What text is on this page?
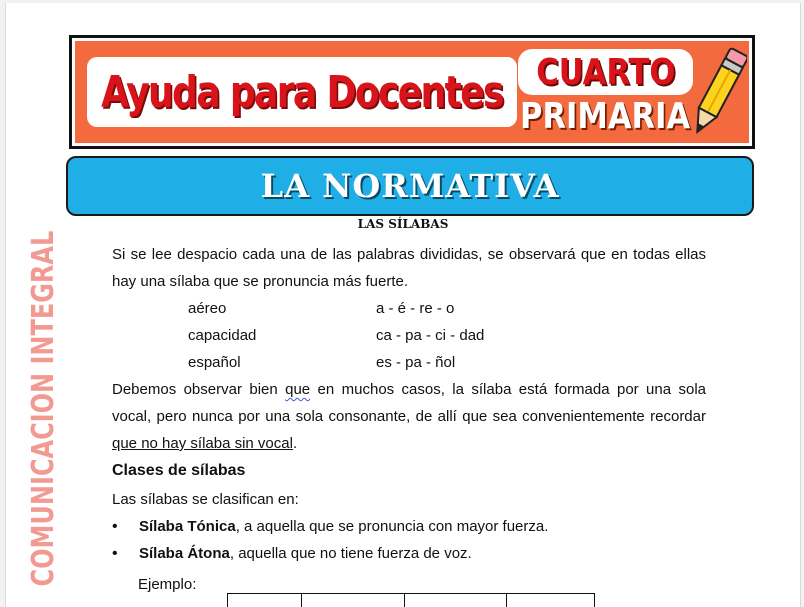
Ayuda para Docentes CUARTO
PRIMARIA
LA NORMATIVA
LAS SÍLABAS
COMUNICACION INTEGRAL	Si se lee despacio cada una de las palabras divididas, se observará que en todas ellas hay una sílaba que se pronuncia más fuerte.

aéreo	a - é - re - o
capacidad	ca - pa - ci - dad
español	es - pa - ñol

Debemos observar bien que en muchos casos, la sílaba está formada por una sola vocal, pero nunca por una sola consonante, de allí que sea convenientemente recordar que no hay sílaba sin vocal.

Clases de sílabas
Las sílabas se clasifican en:
• Sílaba Tónica, a aquella que se pronuncia con mayor fuerza.
• Sílaba Átona, aquella que no tiene fuerza de voz.
Ejemplo:
